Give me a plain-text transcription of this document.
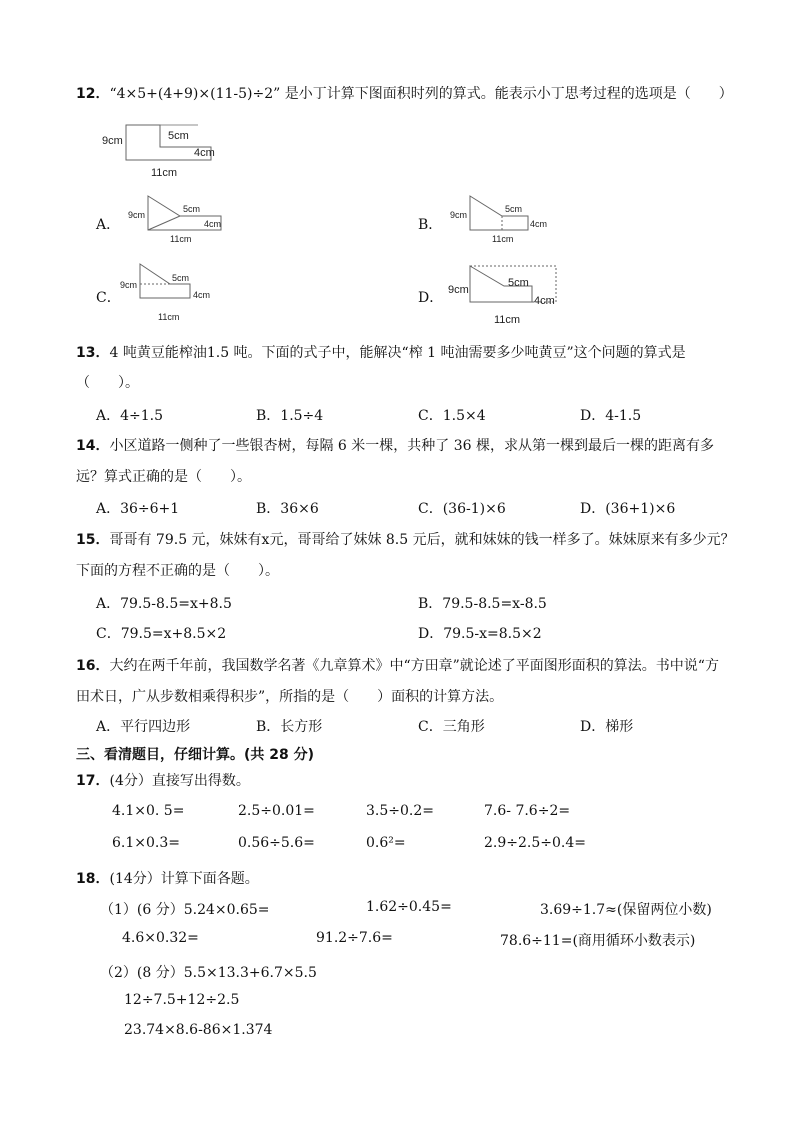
12．“4×5+(4+9)×(11-5)÷2” 是小丁计算下图面积时列的算式。能表示小丁思考过程的选项是（　　）
9cm	5cm
4cm
11cm
A．
9cm
5cm
4cm
11cm
B．
9cm
5cm
4cm
11cm
C．
9cm
5cm
4cm
11cm
D． 9cm
5cm
4cm
11cm
13．4 吨黄豆能榨油1.5 吨。下面的式子中，能解决“榨 1 吨油需要多少吨黄豆”这个问题的算式是
（　　）。
A．4÷1.5	B．1.5÷4	C．1.5×4	D．4-1.5
14．小区道路一侧种了一些银杏树，每隔 6 米一棵，共种了 36 棵，求从第一棵到最后一棵的距离有多
远？算式正确的是（　　）。
A．36÷6+1	B．36×6	C．(36-1)×6	D．(36+1)×6
15．哥哥有 79.5 元，妹妹有x元，哥哥给了妹妹 8.5 元后，就和妹妹的钱一样多了。妹妹原来有多少元？
下面的方程不正确的是（　　）。
A．79.5-8.5=x+8.5	B．79.5-8.5=x-8.5
C．79.5=x+8.5×2	D．79.5-x=8.5×2
16．大约在两千年前，我国数学名著《九章算术》中“方田章”就论述了平面图形面积的算法。书中说“方
田术日，广从步数相乘得积步”，所指的是（　　）面积的计算方法。
A．平行四边形	B．长方形	C．三角形	D．梯形
三、看清题目，仔细计算。(共 28 分)
17．(4分）直接写出得数。
4.1×0. 5=	2.5÷0.01=	3.5÷0.2=	7.6- 7.6÷2=
6.1×0.3=	0.56÷5.6=	0.6²=	2.9÷2.5÷0.4=
18．(14分）计算下面各题。
（1）(6 分）5.24×0.65=	1.62÷0.45=	3.69÷1.7≈(保留两位小数)
4.6×0.32=	91.2÷7.6=	78.6÷11=(商用循环小数表示)
（2）(8 分）5.5×13.3+6.7×5.5
12÷7.5+12÷2.5
23.74×8.6-86×1.374
